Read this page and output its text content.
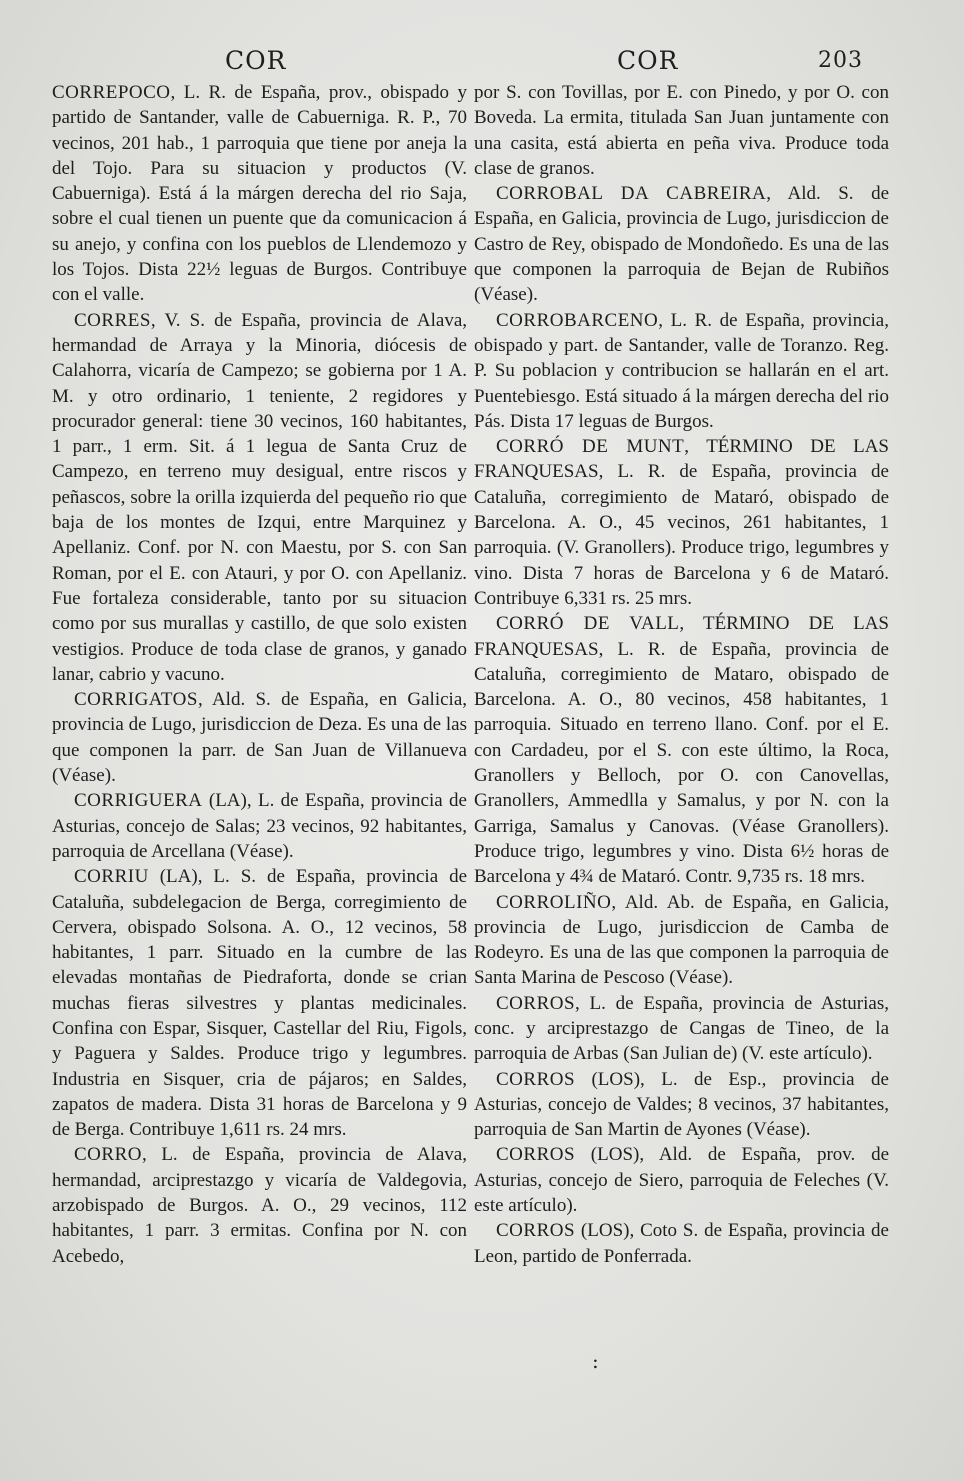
COR	COR	203

CORREPOCO, L. R. de España, prov., obispado y partido de Santander, valle de Cabuerniga. R. P., 70 vecinos, 201 hab., 1 parroquia que tiene por aneja la del Tojo. Para su situacion y productos (V. Cabuerniga). Está á la márgen derecha del rio Saja, sobre el cual tienen un puente que da comunicacion á su anejo, y confina con los pueblos de Llendemozo y los Tojos. Dista 22½ leguas de Burgos. Contribuye con el valle.

CORRES, V. S. de España, provincia de Alava, hermandad de Arraya y la Minoria, diócesis de Calahorra, vicaría de Campezo; se gobierna por 1 A. M. y otro ordinario, 1 teniente, 2 regidores y procurador general: tiene 30 vecinos, 160 habitantes, 1 parr., 1 erm. Sit. á 1 legua de Santa Cruz de Campezo, en terreno muy desigual, entre riscos y peñascos, sobre la orilla izquierda del pequeño rio que baja de los montes de Izqui, entre Marquinez y Apellaniz. Conf. por N. con Maestu, por S. con San Roman, por el E. con Atauri, y por O. con Apellaniz. Fue fortaleza considerable, tanto por su situacion como por sus murallas y castillo, de que solo existen vestigios. Produce de toda clase de granos, y ganado lanar, cabrio y vacuno.

CORRIGATOS, Ald. S. de España, en Galicia, provincia de Lugo, jurisdiccion de Deza. Es una de las que componen la parr. de San Juan de Villanueva (Véase).

CORRIGUERA (LA), L. de España, provincia de Asturias, concejo de Salas; 23 vecinos, 92 habitantes, parroquia de Arcellana (Véase).

CORRIU (LA), L. S. de España, provincia de Cataluña, subdelegacion de Berga, corregimiento de Cervera, obispado Solsona. A. O., 12 vecinos, 58 habitantes, 1 parr. Situado en la cumbre de las elevadas montañas de Piedraforta, donde se crian muchas fieras silvestres y plantas medicinales. Confina con Espar, Sisquer, Castellar del Riu, Figols, y Paguera y Saldes. Produce trigo y legumbres. Industria en Sisquer, cria de pájaros; en Saldes, zapatos de madera. Dista 31 horas de Barcelona y 9 de Berga. Contribuye 1,611 rs. 24 mrs.

CORRO, L. de España, provincia de Alava, hermandad, arciprestazgo y vicaría de Valdegovia, arzobispado de Burgos. A. O., 29 vecinos, 112 habitantes, 1 parr. 3 ermitas. Confina por N. con Acebedo,

por S. con Tovillas, por E. con Pinedo, y por O. con Boveda. La ermita, titulada San Juan juntamente con una casita, está abierta en peña viva. Produce toda clase de granos.

CORROBAL DA CABREIRA, Ald. S. de España, en Galicia, provincia de Lugo, jurisdiccion de Castro de Rey, obispado de Mondoñedo. Es una de las que componen la parroquia de Bejan de Rubiños (Véase).

CORROBARCENO, L. R. de España, provincia, obispado y part. de Santander, valle de Toranzo. Reg. P. Su poblacion y contribucion se hallarán en el art. Puentebiesgo. Está situado á la márgen derecha del rio Pás. Dista 17 leguas de Burgos.

CORRÓ DE MUNT, TÉRMINO DE LAS FRANQUESAS, L. R. de España, provincia de Cataluña, corregimiento de Mataró, obispado de Barcelona. A. O., 45 vecinos, 261 habitantes, 1 parroquia. (V. Granollers). Produce trigo, legumbres y vino. Dista 7 horas de Barcelona y 6 de Mataró. Contribuye 6,331 rs. 25 mrs.

CORRÓ DE VALL, TÉRMINO DE LAS FRANQUESAS, L. R. de España, provincia de Cataluña, corregimiento de Mataro, obispado de Barcelona. A. O., 80 vecinos, 458 habitantes, 1 parroquia. Situado en terreno llano. Conf. por el E. con Cardadeu, por el S. con este último, la Roca, Granollers y Belloch, por O. con Canovellas, Granollers, Ammedlla y Samalus, y por N. con la Garriga, Samalus y Canovas. (Véase Granollers). Produce trigo, legumbres y vino. Dista 6½ horas de Barcelona y 4¾ de Mataró. Contr. 9,735 rs. 18 mrs.

CORROLIÑO, Ald. Ab. de España, en Galicia, provincia de Lugo, jurisdiccion de Camba de Rodeyro. Es una de las que componen la parroquia de Santa Marina de Pescoso (Véase).

CORROS, L. de España, provincia de Asturias, conc. y arciprestazgo de Cangas de Tineo, de la parroquia de Arbas (San Julian de) (V. este artículo).

CORROS (LOS), L. de Esp., provincia de Asturias, concejo de Valdes; 8 vecinos, 37 habitantes, parroquia de San Martin de Ayones (Véase).

CORROS (LOS), Ald. de España, prov. de Asturias, concejo de Siero, parroquia de Feleches (V. este artículo).

CORROS (LOS), Coto S. de España, provincia de Leon, partido de Ponferrada.

:
